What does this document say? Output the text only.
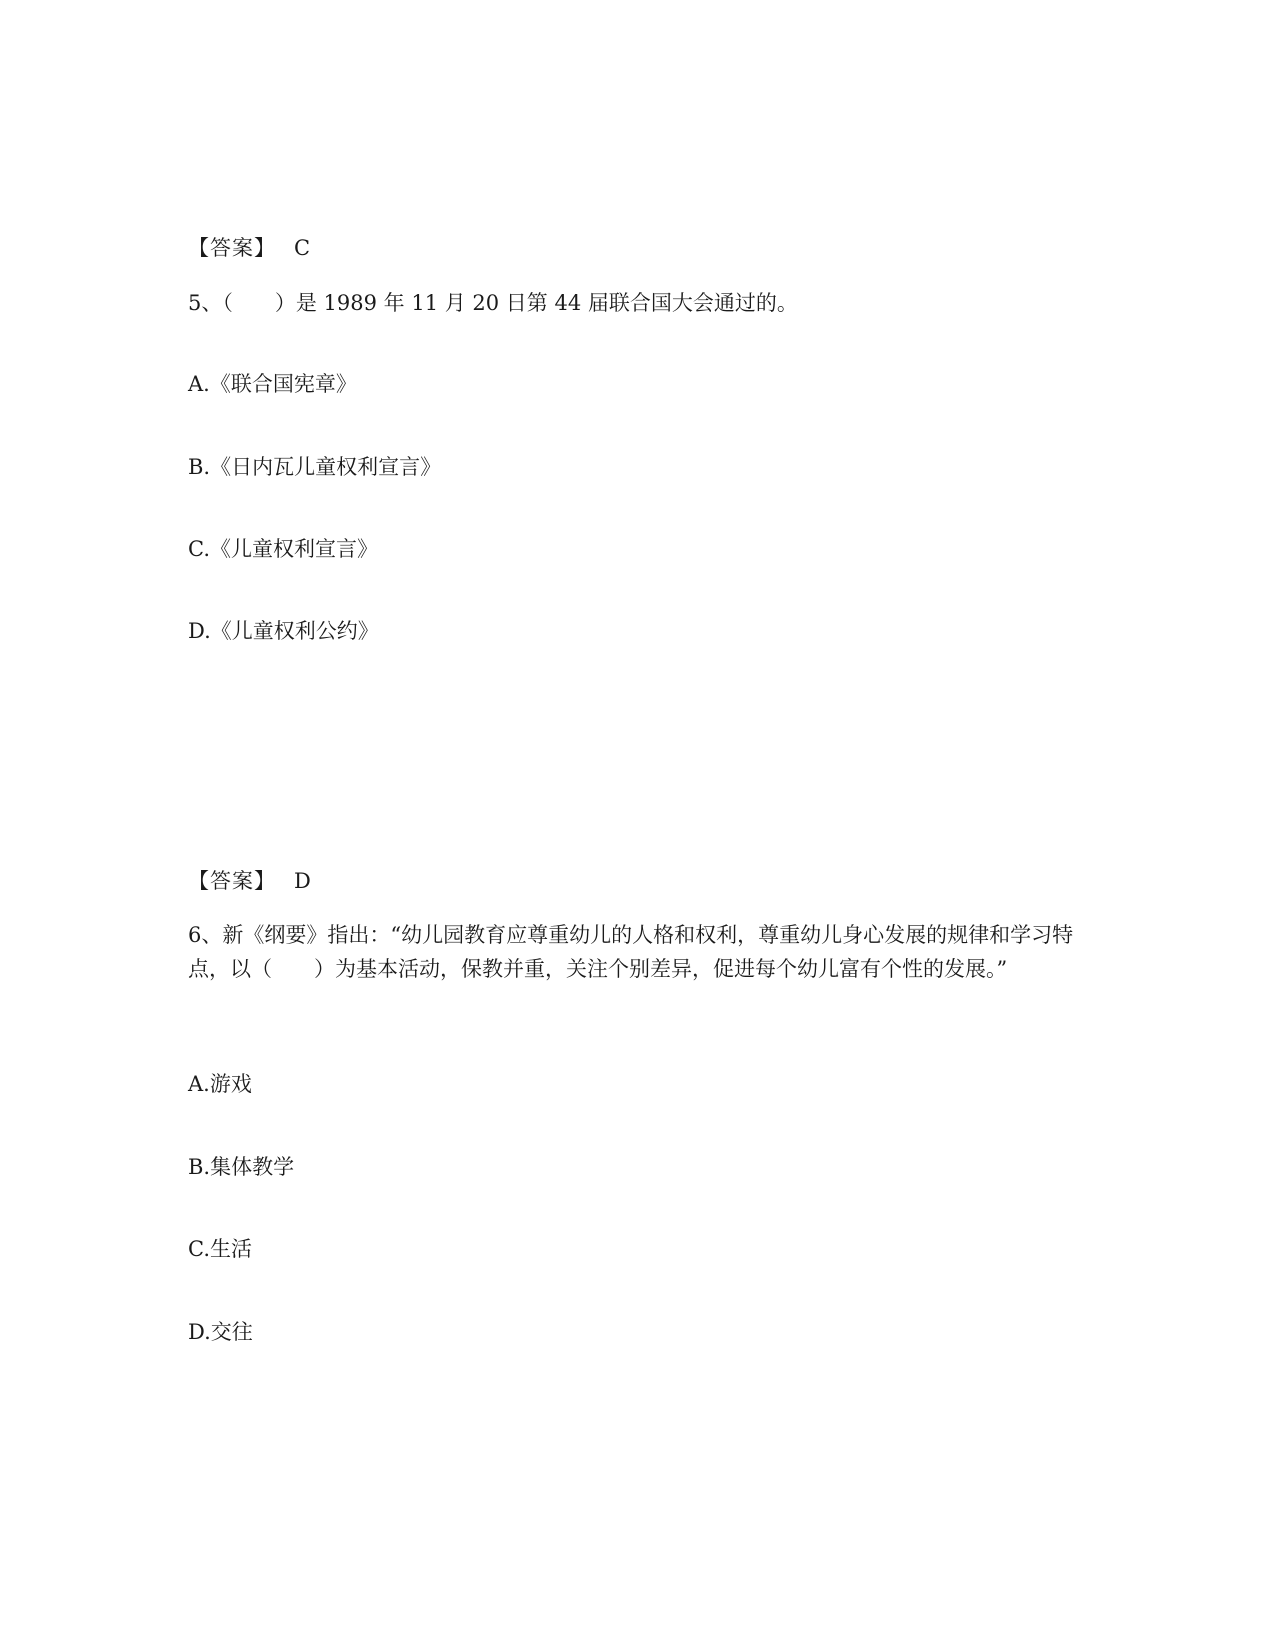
【答案】 C
5、（　　）是 1989 年 11 月 20 日第 44 届联合国大会通过的。
A.《联合国宪章》
B.《日内瓦儿童权利宣言》
C.《儿童权利宣言》
D.《儿童权利公约》
【答案】 D
6、新《纲要》指出：“幼儿园教育应尊重幼儿的人格和权利，尊重幼儿身心发展的规律和学习特点，以（　　）为基本活动，保教并重，关注个别差异，促进每个幼儿富有个性的发展。”
A.游戏
B.集体教学
C.生活
D.交往
